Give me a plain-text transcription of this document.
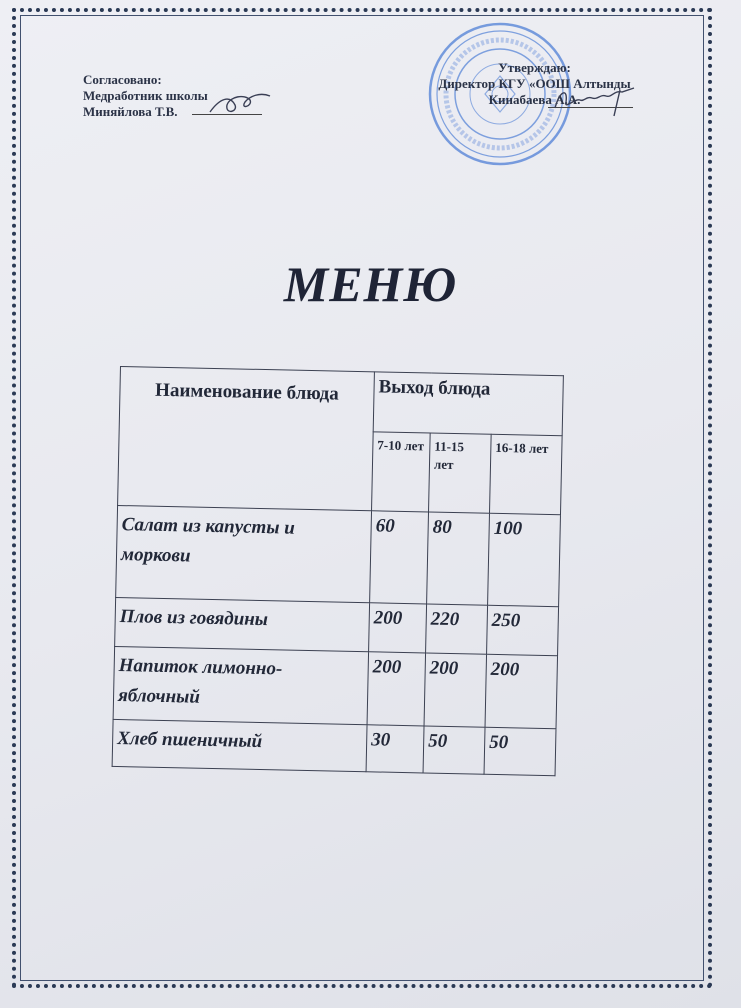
Согласовано:
Медработник школы
Миняйлова Т.В.
Утверждаю:
Директор КГУ «ООШ Алтынды
Кинабаева А.А.
МЕНЮ
Наименование блюда	Выход блюда		
	7-10 лет	11-15 лет	16-18 лет
Салат из капусты и моркови	60	80	100
Плов из говядины	200	220	250
Напиток лимонно-яблочный	200	200	200
Хлеб пшеничный	30	50	50
